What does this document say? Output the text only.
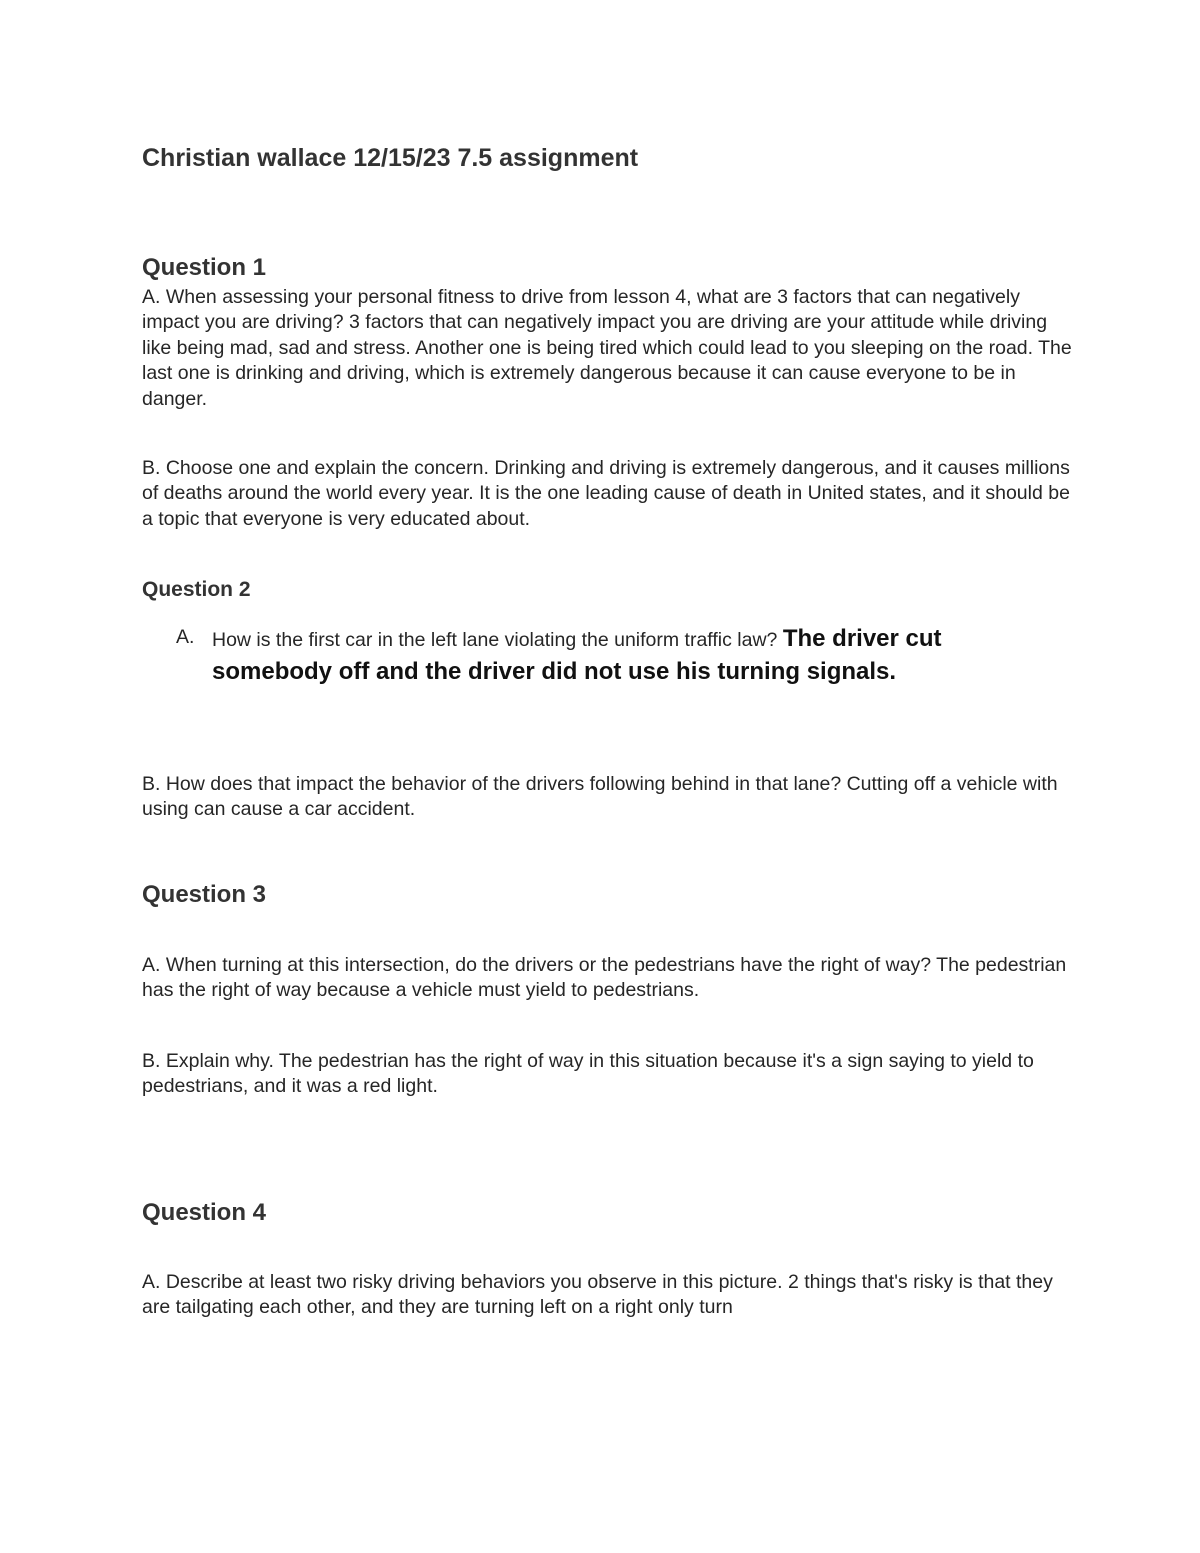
Christian wallace 12/15/23 7.5 assignment
Question 1

A. When assessing your personal fitness to drive from lesson 4, what are 3 factors that can negatively impact you are driving? 3 factors that can negatively impact you are driving are your attitude while driving like being mad, sad and stress. Another one is being tired which could lead to you sleeping on the road. The last one is drinking and driving, which is extremely dangerous because it can cause everyone to be in danger.

B. Choose one and explain the concern. Drinking and driving is extremely dangerous, and it causes millions of deaths around the world every year. It is the one leading cause of death in United states, and it should be a topic that everyone is very educated about.

Question 2
A. How is the first car in the left lane violating the uniform traffic law? The driver cut somebody off and the driver did not use his turning signals.

B. How does that impact the behavior of the drivers following behind in that lane? Cutting off a vehicle with using can cause a car accident.

Question 3

A. When turning at this intersection, do the drivers or the pedestrians have the right of way? The pedestrian has the right of way because a vehicle must yield to pedestrians.

B. Explain why. The pedestrian has the right of way in this situation because it's a sign saying to yield to pedestrians, and it was a red light.

Question 4

A. Describe at least two risky driving behaviors you observe in this picture. 2 things that's risky is that they are tailgating each other, and they are turning left on a right only turn
